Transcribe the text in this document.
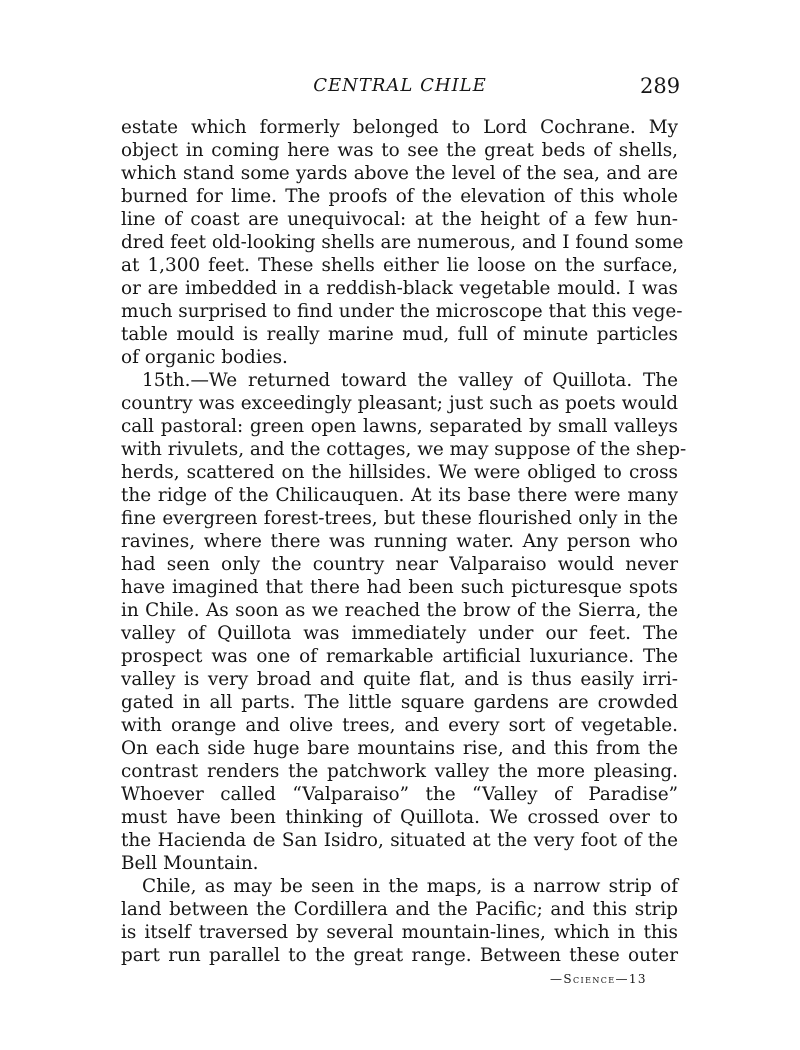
CENTRAL CHILE	289
estate which formerly belonged to Lord Cochrane. My
object in coming here was to see the great beds of shells,
which stand some yards above the level of the sea, and are
burned for lime. The proofs of the elevation of this whole
line of coast are unequivocal: at the height of a few hun-
dred feet old-looking shells are numerous, and I found some
at 1,300 feet. These shells either lie loose on the surface,
or are imbedded in a reddish-black vegetable mould. I was
much surprised to find under the microscope that this vege-
table mould is really marine mud, full of minute particles
of organic bodies.
15th.—We returned toward the valley of Quillota. The
country was exceedingly pleasant; just such as poets would
call pastoral: green open lawns, separated by small valleys
with rivulets, and the cottages, we may suppose of the shep-
herds, scattered on the hillsides. We were obliged to cross
the ridge of the Chilicauquen. At its base there were many
fine evergreen forest-trees, but these flourished only in the
ravines, where there was running water. Any person who
had seen only the country near Valparaiso would never
have imagined that there had been such picturesque spots
in Chile. As soon as we reached the brow of the Sierra, the
valley of Quillota was immediately under our feet. The
prospect was one of remarkable artificial luxuriance. The
valley is very broad and quite flat, and is thus easily irri-
gated in all parts. The little square gardens are crowded
with orange and olive trees, and every sort of vegetable.
On each side huge bare mountains rise, and this from the
contrast renders the patchwork valley the more pleasing.
Whoever called “Valparaiso” the “Valley of Paradise”
must have been thinking of Quillota. We crossed over to
the Hacienda de San Isidro, situated at the very foot of the
Bell Mountain.
Chile, as may be seen in the maps, is a narrow strip of
land between the Cordillera and the Pacific; and this strip
is itself traversed by several mountain-lines, which in this
part run parallel to the great range. Between these outer
—Science—13
